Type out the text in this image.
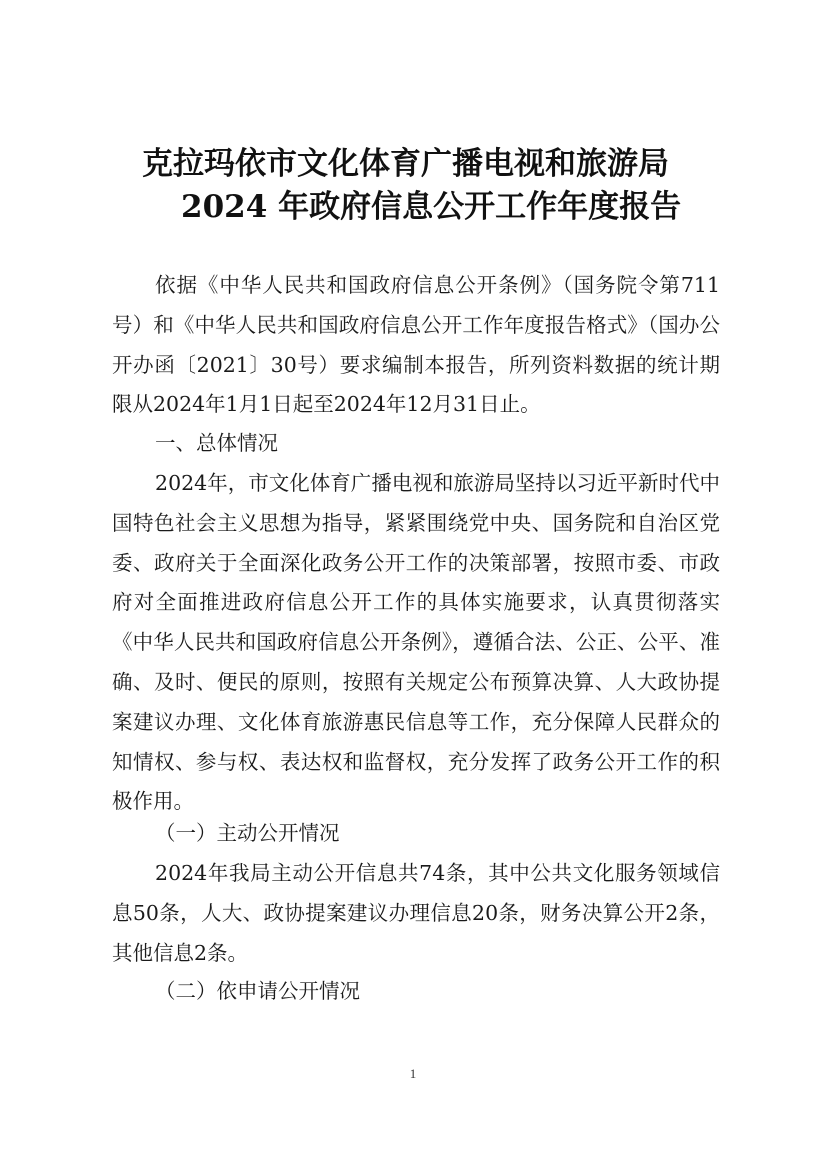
克拉玛依市文化体育广播电视和旅游局
2024 年政府信息公开工作年度报告

依据《中华人民共和国政府信息公开条例》（国务院令第711号）和《中华人民共和国政府信息公开工作年度报告格式》（国办公开办函〔2021〕30号）要求编制本报告，所列资料数据的统计期限从2024年1月1日起至2024年12月31日止。

一、总体情况

2024年，市文化体育广播电视和旅游局坚持以习近平新时代中国特色社会主义思想为指导，紧紧围绕党中央、国务院和自治区党委、政府关于全面深化政务公开工作的决策部署，按照市委、市政府对全面推进政府信息公开工作的具体实施要求，认真贯彻落实《中华人民共和国政府信息公开条例》，遵循合法、公正、公平、准确、及时、便民的原则，按照有关规定公布预算决算、人大政协提案建议办理、文化体育旅游惠民信息等工作，充分保障人民群众的知情权、参与权、表达权和监督权，充分发挥了政务公开工作的积极作用。

（一）主动公开情况

2024年我局主动公开信息共74条，其中公共文化服务领域信息50条，人大、政协提案建议办理信息20条，财务决算公开2条，其他信息2条。

（二）依申请公开情况

1
